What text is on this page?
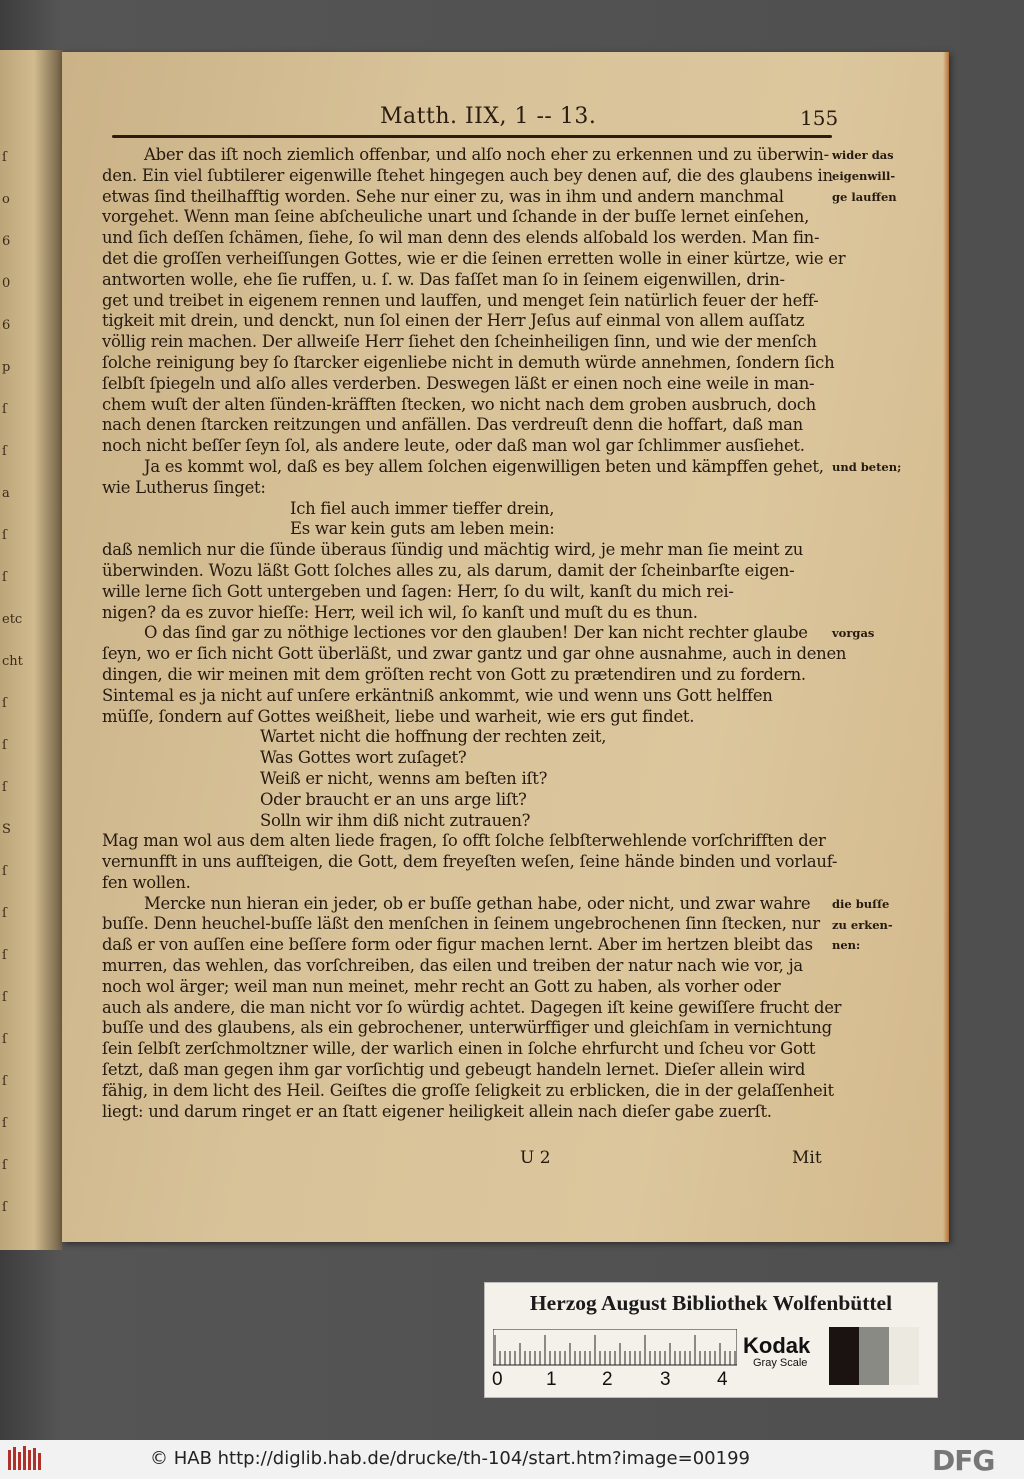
ſ
o
6
0
6
p
ſ
ſ
a
ſ
ſ
etc
cht
ſ
ſ
ſ
S
ſ
ſ
ſ
ſ
ſ
ſ
ſ
ſ
ſ
Matth. IIX, 1 -- 13.	155
Aber das iſt noch ziemlich offenbar, und alſo noch eher zu erkennen und zu überwin-
den. Ein viel ſubtilerer eigenwille ſtehet hingegen auch bey denen auf, die des glaubens in
etwas ſind theilhafftig worden. Sehe nur einer zu, was in ihm und andern manchmal
vorgehet. Wenn man ſeine abſcheuliche unart und ſchande in der buſſe lernet einſehen,
und ſich deſſen ſchämen, ſiehe, ſo wil man denn des elends alſobald los werden. Man fin-
det die groſſen verheiſſungen Gottes, wie er die ſeinen erretten wolle in einer kürtze, wie er
antworten wolle, ehe ſie ruffen, u. ſ. w. Das faſſet man ſo in ſeinem eigenwillen, drin-
get und treibet in eigenem rennen und lauffen, und menget ſein natürlich feuer der heff-
tigkeit mit drein, und denckt, nun ſol einen der Herr Jeſus auf einmal von allem auſſatz
völlig rein machen. Der allweiſe Herr ſiehet den ſcheinheiligen ſinn, und wie der menſch
ſolche reinigung bey ſo ſtarcker eigenliebe nicht in demuth würde annehmen, ſondern ſich
ſelbſt ſpiegeln und alſo alles verderben. Deswegen läßt er einen noch eine weile in man-
chem wuſt der alten ſünden-kräfften ſtecken, wo nicht nach dem groben ausbruch, doch
nach denen ſtarcken reitzungen und anfällen. Das verdreuſt denn die hoffart, daß man
noch nicht beſſer ſeyn ſol, als andere leute, oder daß man wol gar ſchlimmer ausſiehet.
Ja es kommt wol, daß es bey allem ſolchen eigenwilligen beten und kämpffen gehet,
wie Lutherus ſinget:
Ich fiel auch immer tieffer drein,
Es war kein guts am leben mein:
daß nemlich nur die ſünde überaus ſündig und mächtig wird, je mehr man ſie meint zu
überwinden. Wozu läßt Gott ſolches alles zu, als darum, damit der ſcheinbarſte eigen-
wille lerne ſich Gott untergeben und ſagen: Herr, ſo du wilt, kanſt du mich rei-
nigen? da es zuvor hieſſe: Herr, weil ich wil, ſo kanſt und muſt du es thun.
O das ſind gar zu nöthige lectiones vor den glauben! Der kan nicht rechter glaube
ſeyn, wo er ſich nicht Gott überläßt, und zwar gantz und gar ohne ausnahme, auch in denen
dingen, die wir meinen mit dem gröſten recht von Gott zu prætendiren und zu fordern.
Sintemal es ja nicht auf unſere erkäntniß ankommt, wie und wenn uns Gott helffen
müſſe, ſondern auf Gottes weißheit, liebe und warheit, wie ers gut findet.
Wartet nicht die hoffnung der rechten zeit,
Was Gottes wort zuſaget?
Weiß er nicht, wenns am beſten iſt?
Oder braucht er an uns arge liſt?
Solln wir ihm diß nicht zutrauen?
Mag man wol aus dem alten liede fragen, ſo offt ſolche ſelbſterwehlende vorſchrifften der
vernunfft in uns aufſteigen, die Gott, dem freyeſten weſen, ſeine hände binden und vorlauf-
fen wollen.
Mercke nun hieran ein jeder, ob er buſſe gethan habe, oder nicht, und zwar wahre
buſſe. Denn heuchel-buſſe läßt den menſchen in ſeinem ungebrochenen ſinn ſtecken, nur
daß er von auſſen eine beſſere form oder figur machen lernt. Aber im hertzen bleibt das
murren, das wehlen, das vorſchreiben, das eilen und treiben der natur nach wie vor, ja
noch wol ärger; weil man nun meinet, mehr recht an Gott zu haben, als vorher oder
auch als andere, die man nicht vor ſo würdig achtet. Dagegen iſt keine gewiſſere frucht der
buſſe und des glaubens, als ein gebrochener, unterwürffiger und gleichſam in vernichtung
ſein ſelbſt zerſchmoltzner wille, der warlich einen in ſolche ehrfurcht und ſcheu vor Gott
ſetzt, daß man gegen ihm gar vorſichtig und gebeugt handeln lernet. Dieſer allein wird
fähig, in dem licht des Heil. Geiſtes die groſſe ſeligkeit zu erblicken, die in der gelaſſenheit
liegt: und darum ringet er an ſtatt eigener heiligkeit allein nach dieſer gabe zuerſt.
wider das
eigenwill-
ge lauffen
und beten;
vorgas
die buſſe
zu erken-
nen:
U 2	Mit
Herzog August Bibliothek Wolfenbüttel
0 1 2 3 4
Kodak
Gray Scale
© HAB http://diglib.hab.de/drucke/th-104/start.htm?image=00199	DFG
